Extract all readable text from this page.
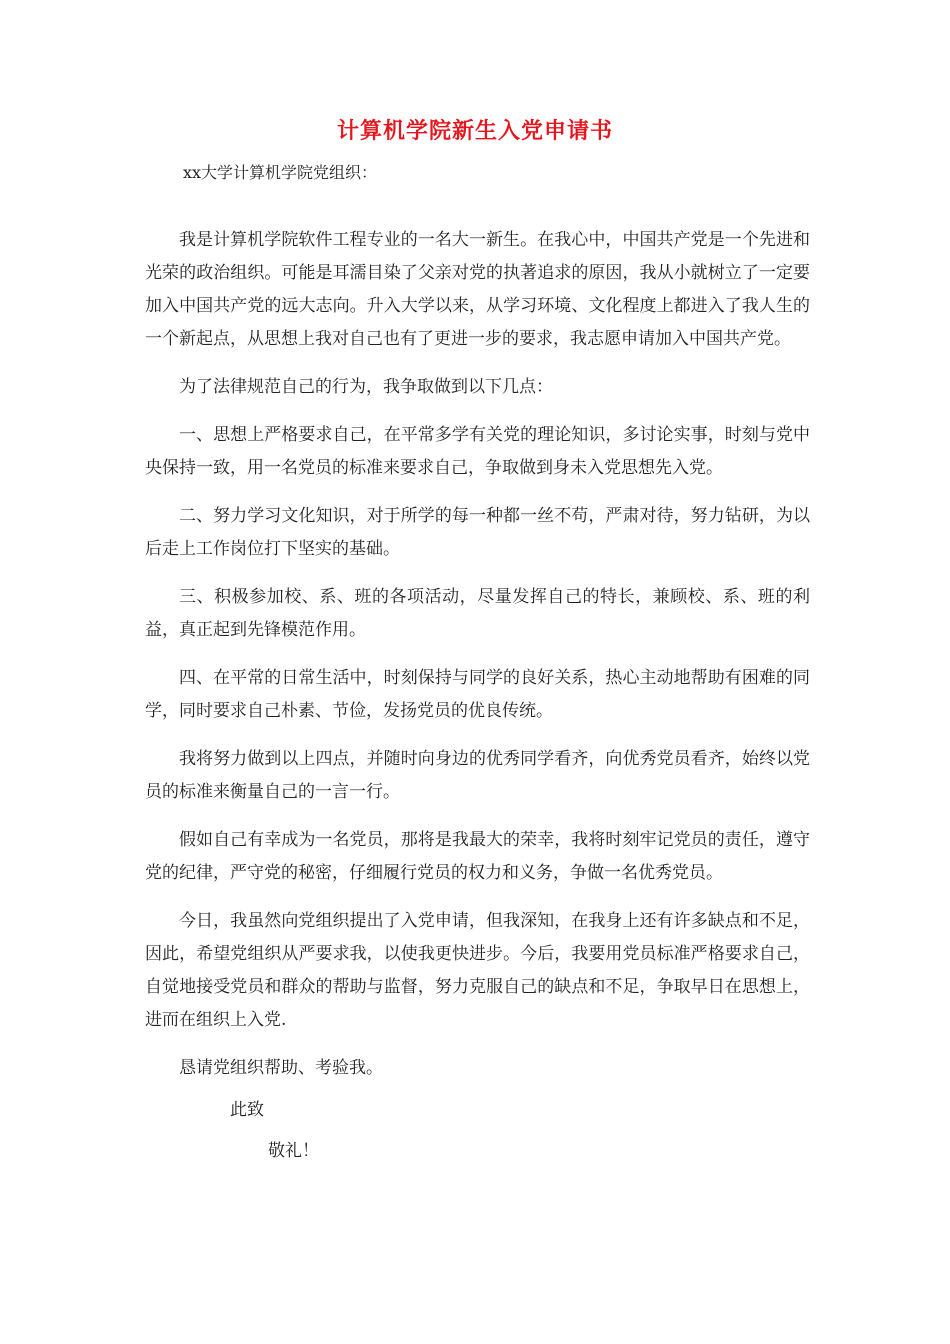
计算机学院新生入党申请书
xx大学计算机学院党组织：

我是计算机学院软件工程专业的一名大一新生。在我心中，中国共产党是一个先进和光荣的政治组织。可能是耳濡目染了父亲对党的执著追求的原因，我从小就树立了一定要加入中国共产党的远大志向。升入大学以来，从学习环境、文化程度上都进入了我人生的一个新起点，从思想上我对自己也有了更进一步的要求，我志愿申请加入中国共产党。

为了法律规范自己的行为，我争取做到以下几点：

一、思想上严格要求自己，在平常多学有关党的理论知识，多讨论实事，时刻与党中央保持一致，用一名党员的标准来要求自己，争取做到身未入党思想先入党。

二、努力学习文化知识，对于所学的每一种都一丝不苟，严肃对待，努力钻研，为以后走上工作岗位打下坚实的基础。

三、积极参加校、系、班的各项活动，尽量发挥自己的特长，兼顾校、系、班的利益，真正起到先锋模范作用。

四、在平常的日常生活中，时刻保持与同学的良好关系，热心主动地帮助有困难的同学，同时要求自己朴素、节俭，发扬党员的优良传统。

我将努力做到以上四点，并随时向身边的优秀同学看齐，向优秀党员看齐，始终以党员的标准来衡量自己的一言一行。

假如自己有幸成为一名党员，那将是我最大的荣幸，我将时刻牢记党员的责任，遵守党的纪律，严守党的秘密，仔细履行党员的权力和义务，争做一名优秀党员。

今日，我虽然向党组织提出了入党申请，但我深知，在我身上还有许多缺点和不足，因此，希望党组织从严要求我，以使我更快进步。今后，我要用党员标准严格要求自己，自觉地接受党员和群众的帮助与监督，努力克服自己的缺点和不足，争取早日在思想上，进而在组织上入党.

恳请党组织帮助、考验我。

此致
敬礼！
